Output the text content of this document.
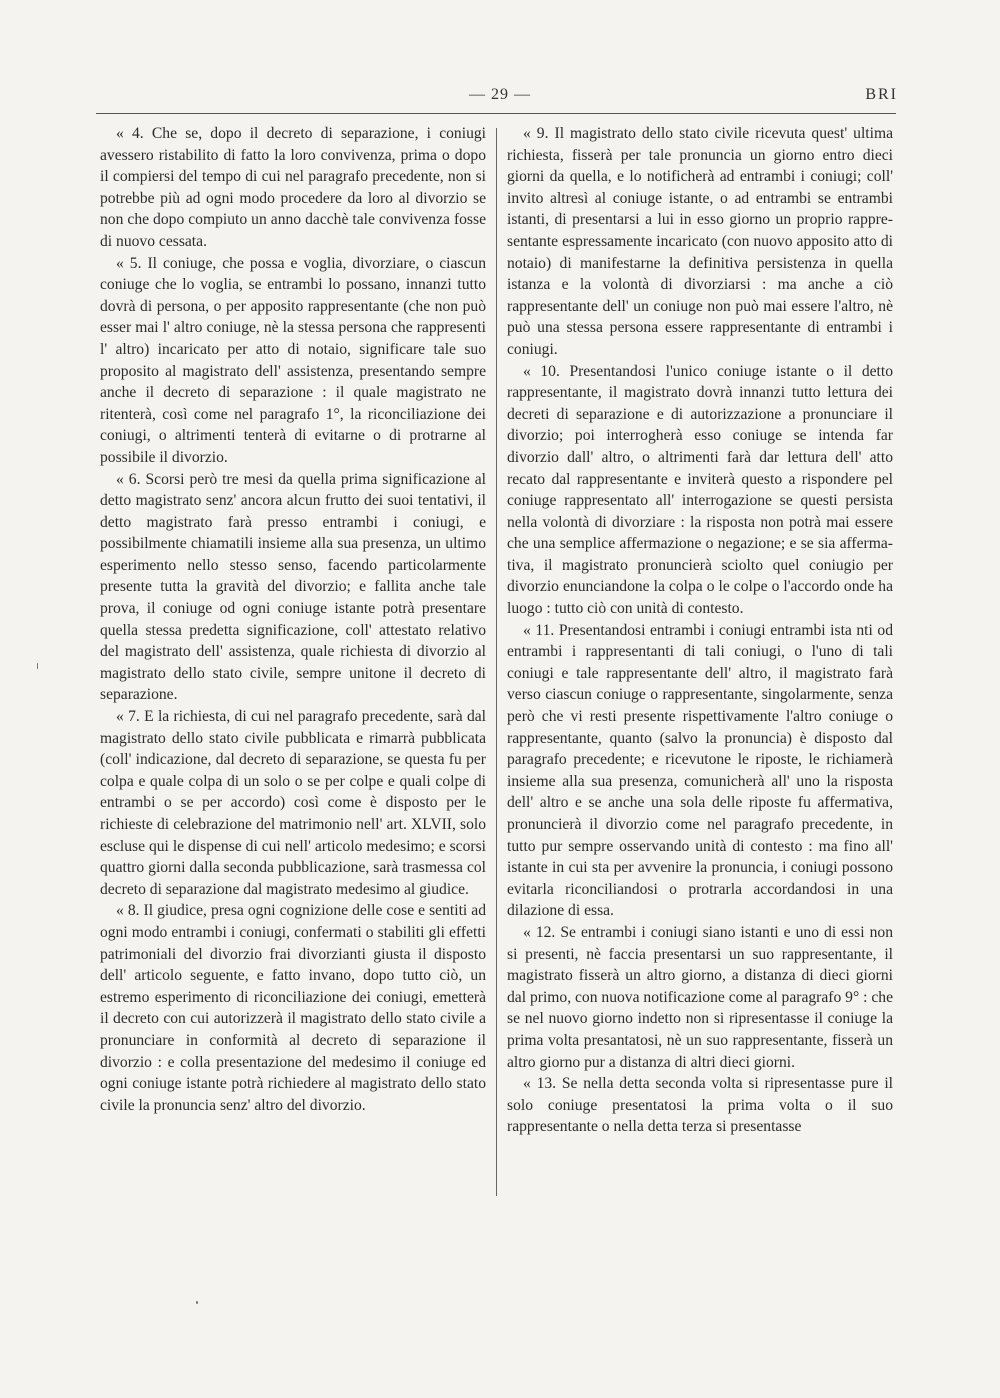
— 29 —	BRI

« 4. Che se, dopo il decreto di separazione, i coniugi avessero ristabilito di fatto la loro convivenza, prima o dopo il compiersi del tempo di cui nel paragrafo precedente, non si potrebbe più ad ogni modo procedere da loro al divorzio se non che dopo compiuto un anno dacchè tale convivenza fosse di nuovo cessata.

« 5. Il coniuge, che possa e voglia, divorziare, o ciascun coniuge che lo voglia, se entrambi lo possano, innanzi tutto dovrà di persona, o per apposito rappresentante (che non può esser mai l' altro coniuge, nè la stessa persona che rappresenti l' altro) incaricato per atto di notaio, significare tale suo proposito al magistrato dell' assistenza, presentando sempre anche il decreto di separazione : il quale magistrato ne ritenterà, così come nel paragrafo 1°, la riconciliazione dei coniugi, o altrimenti tenterà di evitarne o di protrarne al possibile il divorzio.

« 6. Scorsi però tre mesi da quella prima significazione al detto magistrato senz' ancora alcun frutto dei suoi tentativi, il detto magistrato farà presso entrambi i coniugi, e possibilmente chiamatili insieme alla sua presenza, un ultimo esperimento nello stesso senso, facendo particolarmente presente tutta la gravità del divorzio; e fallita anche tale prova, il coniuge od ogni coniuge istante potrà presentare quella stessa predetta significazione, coll' attestato relativo del magistrato dell' assistenza, quale richiesta di divorzio al magistrato dello stato civile, sempre unitone il decreto di separazione.

« 7. E la richiesta, di cui nel paragrafo precedente, sarà dal magistrato dello stato civile pubblicata e rimarrà pubblicata (coll' indicazione, dal decreto di separazione, se questa fu per colpa e quale colpa di un solo o se per colpe e quali colpe di entrambi o se per accordo) così come è disposto per le richieste di celebrazione del matrimonio nell' art. XLVII, solo escluse qui le dispense di cui nell' articolo medesimo; e scorsi quattro giorni dalla seconda pubblicazione, sarà trasmessa col decreto di separazione dal magistrato medesimo al giudice.

« 8. Il giudice, presa ogni cognizione delle cose e sentiti ad ogni modo entrambi i coniugi, confermati o stabiliti gli effetti patrimoniali del divorzio frai divorzianti giusta il disposto dell' articolo seguente, e fatto invano, dopo tutto ciò, un estremo esperimento di riconciliazione dei coniugi, emetterà il decreto con cui autorizzerà il magistrato dello stato civile a pronunciare in conformità al decreto di separazione il divorzio : e colla presentazione del medesimo il coniuge ed ogni coniuge istante potrà richiedere al magistrato dello stato civile la pronuncia senz' altro del divorzio.

« 9. Il magistrato dello stato civile ricevuta quest' ultima richiesta, fisserà per tale pronuncia un giorno entro dieci giorni da quella, e lo notificherà ad entrambi i coniugi; coll' invito altresì al coniuge istante, o ad entrambi se entrambi istanti, di presentarsi a lui in esso giorno un proprio rappresentante espressamente incaricato (con nuovo apposito atto di notaio) di manifestarne la definitiva persistenza in quella istanza e la volontà di divorziarsi : ma anche a ciò rappresentante dell' un coniuge non può mai essere l'altro, nè può una stessa persona essere rappresentante di entrambi i coniugi.

« 10. Presentandosi l'unico coniuge istante o il detto rappresentante, il magistrato dovrà innanzi tutto lettura dei decreti di separazione e di autorizzazione a pronunciare il divorzio; poi interrogherà esso coniuge se intenda far divorzio dall' altro, o altrimenti farà dar lettura dell' atto recato dal rappresentante e inviterà questo a rispondere pel coniuge rappresentato all' interrogazione se questi persista nella volontà di divorziare : la risposta non potrà mai essere che una semplice affermazione o negazione; e se sia affermativa, il magistrato pronuncierà sciolto quel coniugio per divorzio enunciandone la colpa o le colpe o l'accordo onde ha luogo : tutto ciò con unità di contesto.

« 11. Presentandosi entrambi i coniugi entrambi ista nti od entrambi i rappresentanti di tali coniugi, o l'uno di tali coniugi e tale rappresentante dell' altro, il magistrato farà verso ciascun coniuge o rappresentante, singolarmente, senza però che vi resti presente rispettivamente l'altro coniuge o rappresentante, quanto (salvo la pronuncia) è disposto dal paragrafo precedente; e ricevutone le riposte, le richiamerà insieme alla sua presenza, comunicherà all' uno la risposta dell' altro e se anche una sola delle riposte fu affermativa, pronuncierà il divorzio come nel paragrafo precedente, in tutto pur sempre osservando unità di contesto : ma fino all' istante in cui sta per avvenire la pronuncia, i coniugi possono evitarla riconciliandosi o protrarla accordandosi in una dilazione di essa.

« 12. Se entrambi i coniugi siano istanti e uno di essi non si presenti, nè faccia presentarsi un suo rappresentante, il magistrato fisserà un altro giorno, a distanza di dieci giorni dal primo, con nuova notificazione come al paragrafo 9° : che se nel nuovo giorno indetto non si ripresentasse il coniuge la prima volta presantatosi, nè un suo rappresentante, fisserà un altro giorno pur a distanza di altri dieci giorni.

« 13. Se nella detta seconda volta si ripresentasse pure il solo coniuge presentatosi la prima volta o il suo rappresentante o nella detta terza si presentasse
